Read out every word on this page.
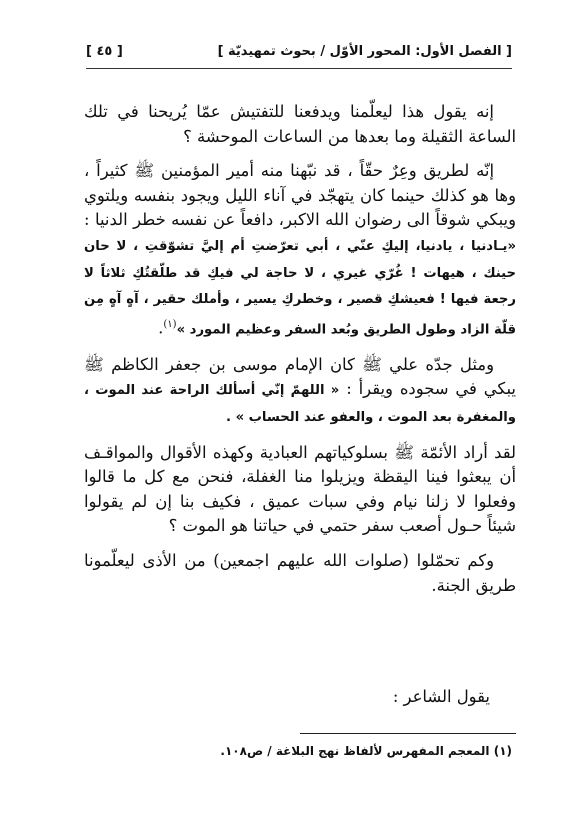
[ الفصل الأول: المحور الأوّل / بحوث تمهيديّة ]
[ ٤٥ ]

إنه يقول هذا ليعلّمنا ويدفعنا للتفتيش عمّا يُريحنا في تلك الساعة الثقيلة وما بعدها من الساعات الموحشة ؟

إنّه لطريق وعِرٌ حقّاً ، قد نبّهنا منه أمير المؤمنين ﷺ كثيراً ، وها هو كذلك حينما كان يتهجّد في آناء الليل ويجود بنفسه ويلتوي ويبكي شوقاً الى رضوان الله الاكبر، دافعاً عن نفسه خطر الدنيا : «يـادنيا ، يادنيا، إليكِ عنّي ، أبي تعرّضتِ أم إليَّ تشوّقتِ ، لا حان حينك ، هيهات ! غُرّي غيري ، لا حاجة لي فيكِ قد طلّقتُكِ ثلاثاً لا رجعة فيها ! فعيشكِ قصير ، وخطركِ يسير ، وأملك حقير ، آهٍ آهٍ مِن قلّة الزاد وطول الطريق وبُعد السفر وعظيم المورد »$^{(١)}$.

ومثل جدّه علي ﷺ كان الإمام موسى بن جعفر الكاظم ﷺ يبكي في سجوده ويقرأ : « اللهمّ إنّي أسألك الراحة عند الموت ، والمغفرة بعد الموت ، والعفو عند الحساب » .

لقد أراد الأئمّة ﷺ بسلوكياتهم العبادية وكهذه الأقوال والمواقـف أن يبعثوا فينا اليقظة ويزيلوا منا الغفلة، فنحن مع كل ما قالوا وفعلوا لا زلنا نيام وفي سبات عميق ، فكيف بنا إن لم يقولوا شيئاً حـول أصعب سفر حتمي في حياتنا هو الموت ؟

وكم تحمّلوا (صلوات الله عليهم اجمعين) من الأذى ليعلّمونا طريق الجنة.

يقول الشاعر :
(١) المعجم المفهرس لألفاظ نهج البلاغة / ص١٠٨.
